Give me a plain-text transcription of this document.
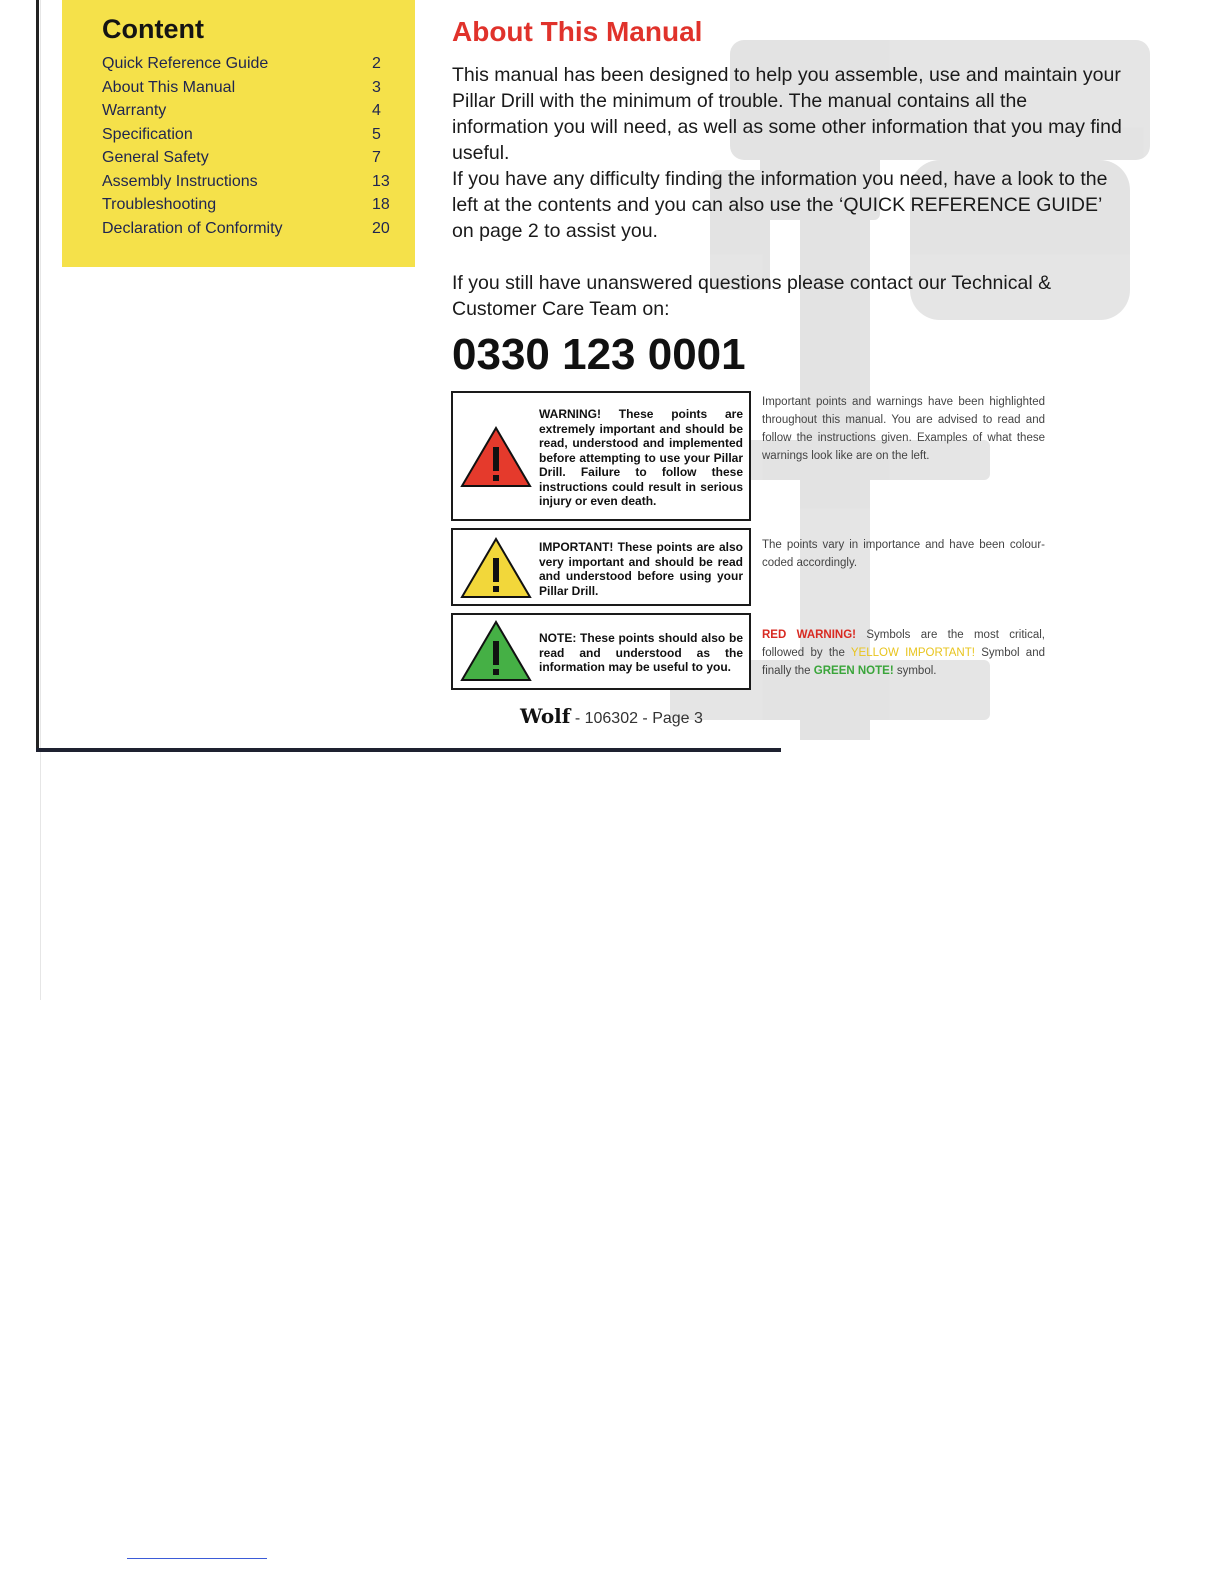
Content
Quick Reference Guide	2
About This Manual	3
Warranty	4
Specification	5
General Safety	7
Assembly Instructions	13
Troubleshooting	18
Declaration of Conformity	20
About This Manual

This manual has been designed to help you assemble, use and maintain your Pillar Drill with the minimum of trouble. The manual contains all the information you will need, as well as some other information that you may find useful.

If you have any difficulty finding the information you need, have a look to the left at the contents and you can also use the ‘QUICK REFERENCE GUIDE’ on page 2 to assist you.

If you still have unanswered questions please contact our Technical & Customer Care Team on:

0330 123 0001

WARNING! These points are extremely important and should be read, understood and implemented before attempting to use your Pillar Drill. Failure to follow these instructions could result in serious injury or even death.

IMPORTANT! These points are also very important and should be read and understood before using your Pillar Drill.

NOTE: These points should also be read and understood as the information may be useful to you.

Important points and warnings have been highlighted throughout this manual. You are advised to read and follow the instructions given. Examples of what these warnings look like are on the left.

The points vary in importance and have been colour-coded accordingly.

RED WARNING! Symbols are the most critical, followed by the YELLOW IMPORTANT! Symbol and finally the GREEN NOTE! symbol.

Wolf - 106302 - Page 3
